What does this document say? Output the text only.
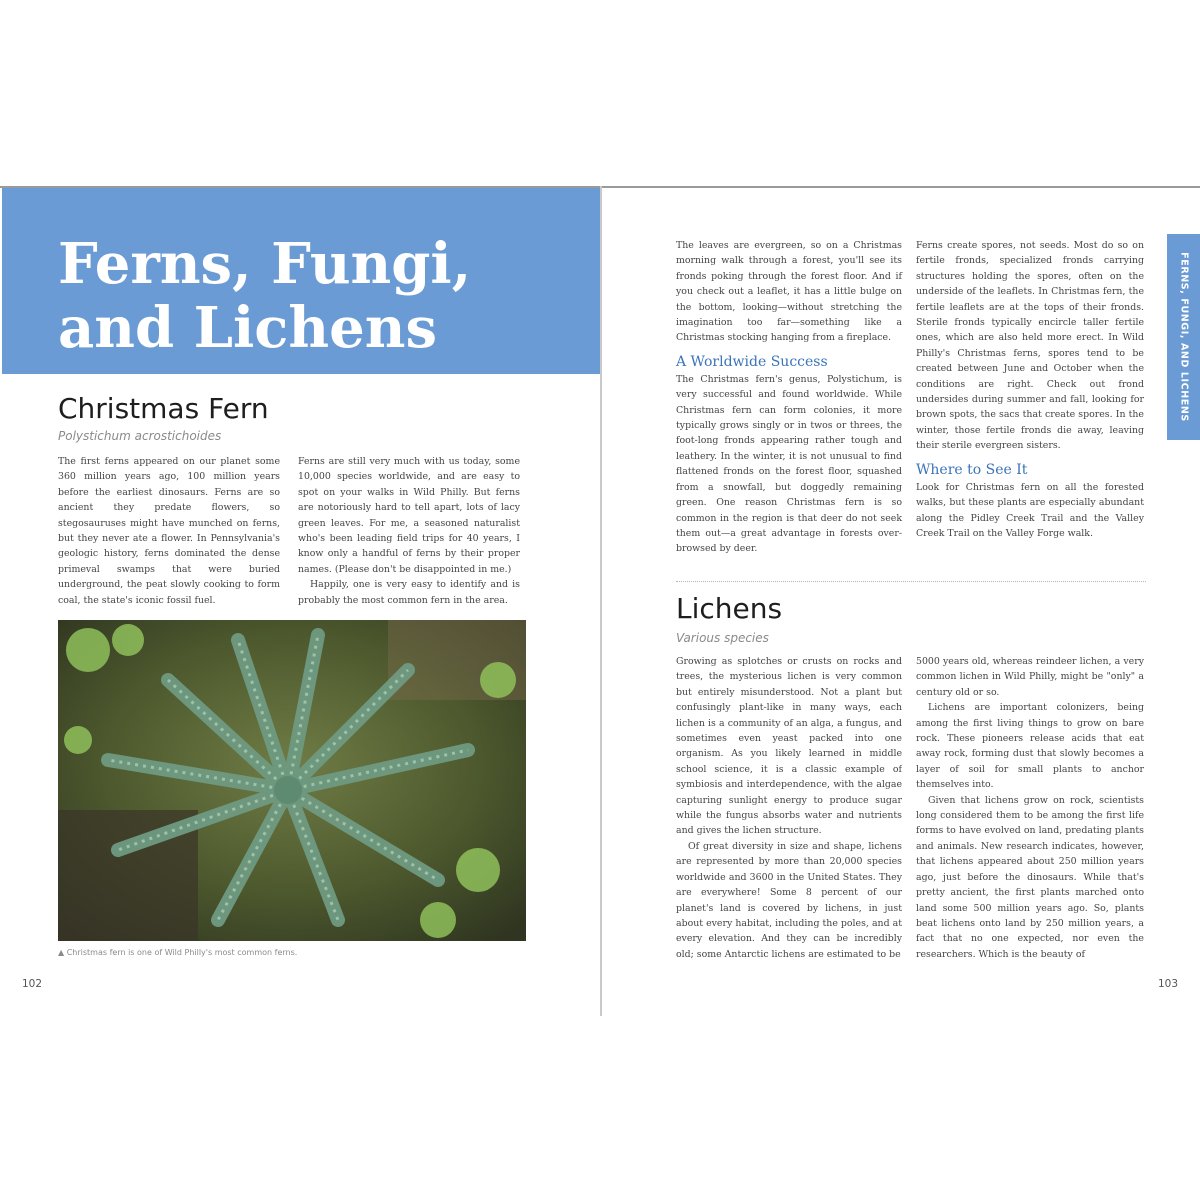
Ferns, Fungi, and Lichens
Christmas Fern

Polystichum acrostichoides

The first ferns appeared on our planet some 360 million years ago, 100 million years before the earliest dinosaurs. Ferns are so ancient they predate flowers, so stegosauruses might have munched on ferns, but they never ate a flower. In Pennsylvania's geologic history, ferns dominated the dense primeval swamps that were buried underground, the peat slowly cooking to form coal, the state's iconic fossil fuel.

Ferns are still very much with us today, some 10,000 species worldwide, and are easy to spot on your walks in Wild Philly. But ferns are notoriously hard to tell apart, lots of lacy green leaves. For me, a seasoned naturalist who's been leading field trips for 40 years, I know only a handful of ferns by their proper names. (Please don't be disappointed in me.)

Happily, one is very easy to identify and is probably the most common fern in the area.

▲ Christmas fern is one of Wild Philly's most common ferns.
102

The leaves are evergreen, so on a Christmas morning walk through a forest, you'll see its fronds poking through the forest floor. And if you check out a leaflet, it has a little bulge on the bottom, looking—without stretching the imagination too far—something like a Christmas stocking hanging from a fireplace.

A Worldwide Success

The Christmas fern's genus, Polystichum, is very successful and found worldwide. While Christmas fern can form colonies, it more typically grows singly or in twos or threes, the foot-long fronds appearing rather tough and leathery. In the winter, it is not unusual to find flattened fronds on the forest floor, squashed from a snowfall, but doggedly remaining green. One reason Christmas fern is so common in the region is that deer do not seek them out—a great advantage in forests over-browsed by deer.

Ferns create spores, not seeds. Most do so on fertile fronds, specialized fronds carrying structures holding the spores, often on the underside of the leaflets. In Christmas fern, the fertile leaflets are at the tops of their fronds. Sterile fronds typically encircle taller fertile ones, which are also held more erect. In Wild Philly's Christmas ferns, spores tend to be created between June and October when the conditions are right. Check out frond undersides during summer and fall, looking for brown spots, the sacs that create spores. In the winter, those fertile fronds die away, leaving their sterile evergreen sisters.

Where to See It

Look for Christmas fern on all the forested walks, but these plants are especially abundant along the Pidley Creek Trail and the Valley Creek Trail on the Valley Forge walk.

Lichens

Various species

Growing as splotches or crusts on rocks and trees, the mysterious lichen is very common but entirely misunderstood. Not a plant but confusingly plant-like in many ways, each lichen is a community of an alga, a fungus, and sometimes even yeast packed into one organism. As you likely learned in middle school science, it is a classic example of symbiosis and interdependence, with the algae capturing sunlight energy to produce sugar while the fungus absorbs water and nutrients and gives the lichen structure.

Of great diversity in size and shape, lichens are represented by more than 20,000 species worldwide and 3600 in the United States. They are everywhere! Some 8 percent of our planet's land is covered by lichens, in just about every habitat, including the poles, and at every elevation. And they can be incredibly old; some Antarctic lichens are estimated to be

5000 years old, whereas reindeer lichen, a very common lichen in Wild Philly, might be "only" a century old or so.

Lichens are important colonizers, being among the first living things to grow on bare rock. These pioneers release acids that eat away rock, forming dust that slowly becomes a layer of soil for small plants to anchor themselves into.

Given that lichens grow on rock, scientists long considered them to be among the first life forms to have evolved on land, predating plants and animals. New research indicates, however, that lichens appeared about 250 million years ago, just before the dinosaurs. While that's pretty ancient, the first plants marched onto land some 500 million years ago. So, plants beat lichens onto land by 250 million years, a fact that no one expected, nor even the researchers. Which is the beauty of

FERNS, FUNGI, AND LICHENS
103
